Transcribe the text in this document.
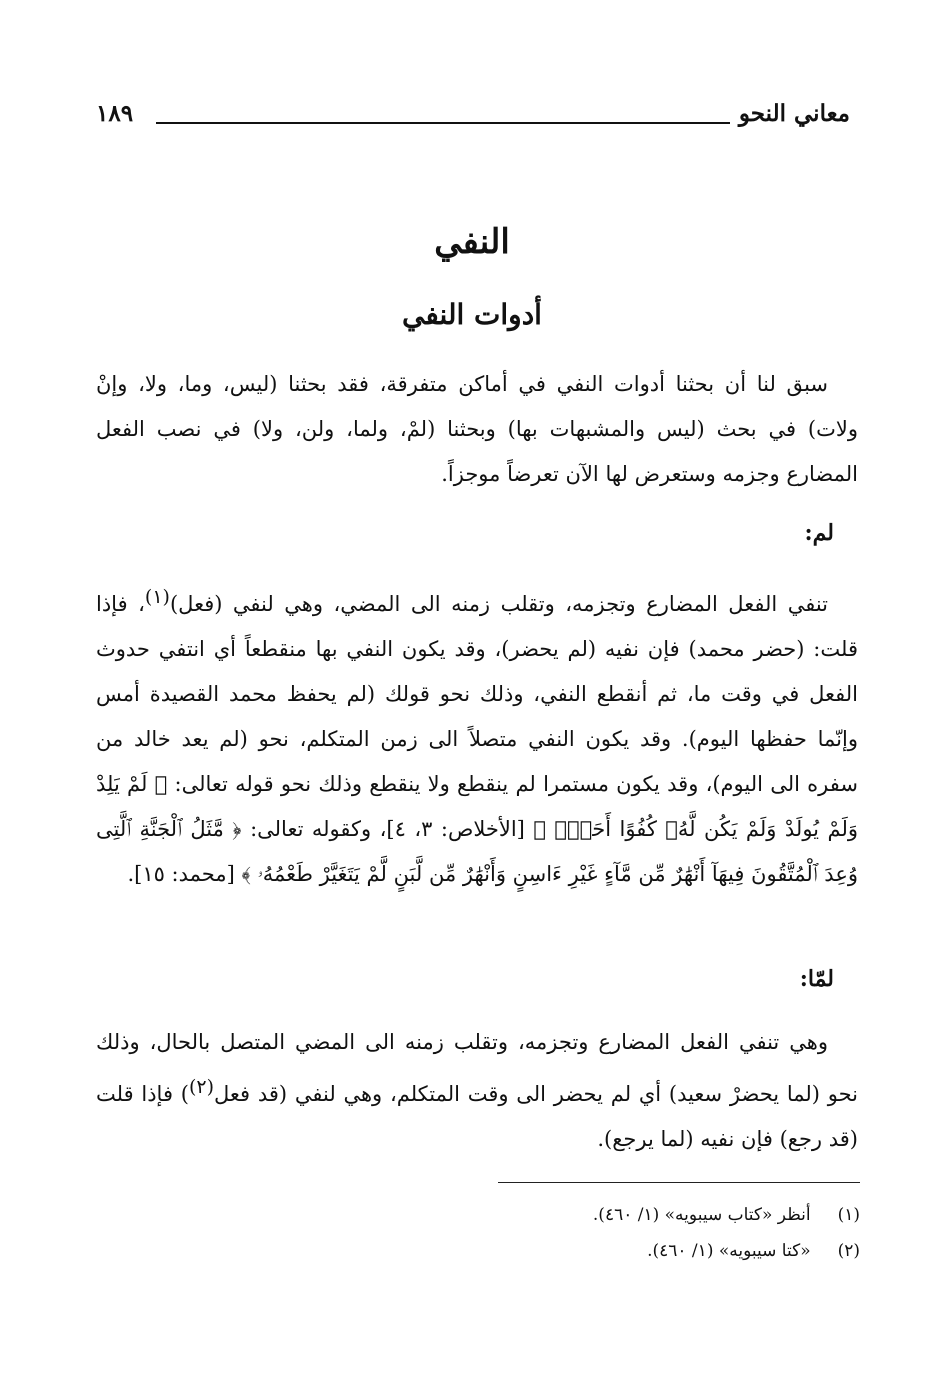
معاني النحو
١٨٩
النفي
أدوات النفي

سبق لنا أن بحثنا أدوات النفي في أماكن متفرقة، فقد بحثنا (ليس، وما، ولا، وإنْ ولات) في بحث (ليس والمشبهات بها) وبحثنا (لمْ، ولما، ولن، ولا) في نصب الفعل المضارع وجزمه وستعرض لها الآن تعرضاً موجزاً.

لم:

تنفي الفعل المضارع وتجزمه، وتقلب زمنه الى المضي، وهي لنفي (فعل)$^{(١)}$، فإذا قلت: (حضر محمد) فإن نفيه (لم يحضر)، وقد يكون النفي بها منقطعاً أي انتفي حدوث الفعل في وقت ما، ثم أنقطع النفي، وذلك نحو قولك (لم يحفظ محمد القصيدة أمس وإنّما حفظها اليوم). وقد يكون النفي متصلاً الى زمن المتكلم، نحو (لم يعد خالد من سفره الى اليوم)، وقد يكون مستمرا لم ينقطع ولا ينقطع وذلك نحو قوله تعالى: ﴿ لَمْ يَلِدْ وَلَمْ يُولَدْ وَلَمْ يَكُن لَّهُۥ كُفُوًا أَحَدٌۢ ﴾ [الأخلاص: ٣، ٤]، وكقوله تعالى: ﴿ مَّثَلُ ٱلْجَنَّةِ ٱلَّتِى وُعِدَ ٱلْمُتَّقُونَ فِيهَآ أَنْهَٰرٌ مِّن مَّآءٍ غَيْرِ ءَاسِنٍ وَأَنْهَٰرٌ مِّن لَّبَنٍ لَّمْ يَتَغَيَّرْ طَعْمُهُۥ ﴾ [محمد: ١٥].

لمّا:

وهي تنفي الفعل المضارع وتجزمه، وتقلب زمنه الى المضي المتصل بالحال، وذلك نحو (لما يحضرْ سعيد) أي لم يحضر الى وقت المتكلم، وهي لنفي (قد فعل$^{(٢)}$) فإذا قلت (قد رجع) فإن نفيه (لما يرجع).

(١) أنظر «كتاب سيبويه» (١/ ٤٦٠).
(٢) «كتا سيبويه» (١/ ٤٦٠).
